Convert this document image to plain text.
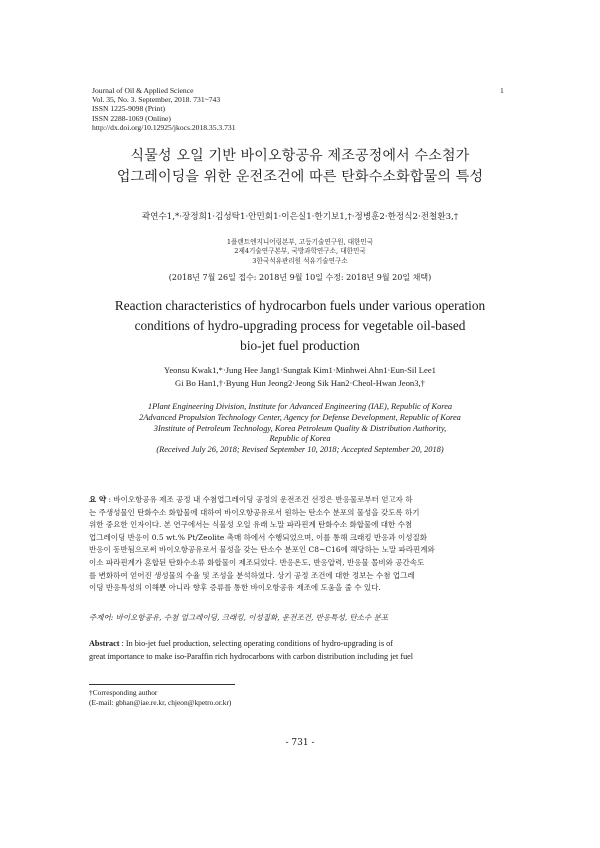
Journal of Oil & Applied Science
Vol. 35, No. 3. September, 2018. 731~743
ISSN 1225-9098 (Print)
ISSN 2288-1069 (Online)
http://dx.doi.org/10.12925/jkocs.2018.35.3.731
1
식물성 오일 기반 바이오항공유 제조공정에서 수소첨가
업그레이딩을 위한 운전조건에 따른 탄화수소화합물의 특성
곽연수1,*·장정희1·김성탁1·안민회1·이은실1·한기보1,†·정병훈2·한정식2·전철환3,†
1플랜트엔지니어링본부, 고등기술연구원, 대한민국
2제4기술연구본부, 국방과학연구소, 대한민국
3한국석유관리원 석유기술연구소
(2018년 7월 26일 접수: 2018년 9월 10일 수정: 2018년 9월 20일 채택)
Reaction characteristics of hydrocarbon fuels under various operation
conditions of hydro-upgrading process for vegetable oil-based
bio-jet fuel production
Yeonsu Kwak1,*·Jung Hee Jang1·Sungtak Kim1·Minhwei Ahn1·Eun-Sil Lee1
Gi Bo Han1,†·Byung Hun Jeong2·Jeong Sik Han2·Cheol-Hwan Jeon3,†
1Plant Engineering Division, Institute for Advanced Engineering (IAE), Republic of Korea
2Advanced Propulsion Technology Center, Agency for Defense Development, Republic of Korea
3Institute of Petroleum Technology, Korea Petroleum Quality & Distribution Authority,
Republic of Korea
(Received July 26, 2018; Revised September 10, 2018; Accepted September 20, 2018)
요 약 : 바이오항공유 제조 공정 내 수첨업그레이딩 공정의 운전조건 선정은 반응물로부터 얻고자 하
는 주생성물인 탄화수소 화합물에 대하여 바이오항공유로서 원하는 탄소수 분포의 물성을 갖도록 하기
위한 중요한 인자이다. 본 연구에서는 식물성 오일 유래 노말 파라핀계 탄화수소 화합물에 대한 수첨
업그레이딩 반응이 0.5 wt.% Pt/Zeolite 촉매 하에서 수행되었으며, 이를 통해 크래킹 반응과 이성질화
반응이 동반됨으로써 바이오항공유로서 물성을 갖는 탄소수 분포인 C8~C16에 해당하는 노말 파라핀계와
이소 파라핀계가 혼합된 탄화수소류 화합물이 제조되었다. 반응온도, 반응압력, 반응물 몰비와 공간속도
를 변화하여 얻어진 생성물의 수율 및 조성을 분석하였다. 상기 공정 조건에 대한 정보는 수첨 업그레
이딩 반응특성의 이해뿐 아니라 향후 증류를 통한 바이오항공유 제조에 도움을 줄 수 있다.
주제어: 바이오항공유, 수첨 업그레이딩, 크래킹, 이성질화, 운전조건, 반응특성, 탄소수 분포
Abstract : In bio-jet fuel production, selecting operating conditions of hydro-upgrading is of
great importance to make iso-Paraffin rich hydrocarbons with carbon distribution including jet fuel
†Corresponding author
(E-mail: gbhan@iae.re.kr, chjeon@kpetro.or.kr)
- 731 -
